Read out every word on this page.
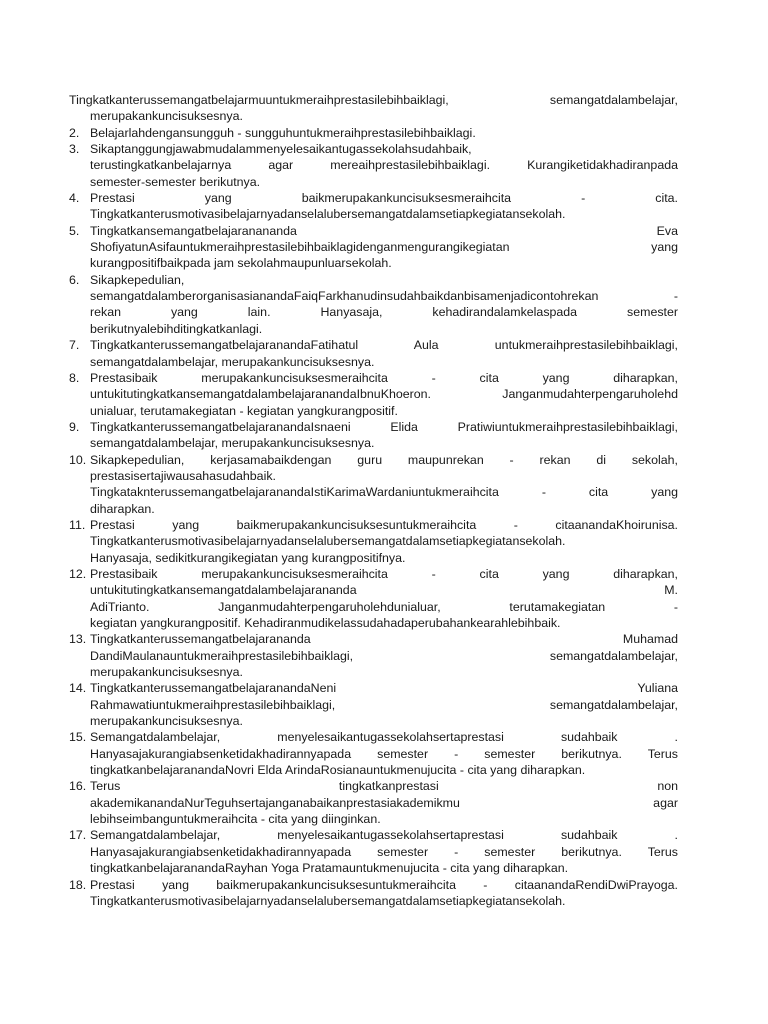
Tingkatkanterussemangatbelajarmuuntukmeraihprestasilebihbaiklagi, semangatdalambelajar,
merupakankuncisuksesnya.
2. Belajarlahdengansungguh - sungguhuntukmeraihprestasilebihbaiklagi.
3. Sikaptanggungjawabmudalammenyelesaikantugassekolahsudahbaik,
terustingkatkanbelajarnya agar mereaihprestasilebihbaiklagi. Kurangiketidakhadiranpada
semester-semester berikutnya.
4. Prestasi yang baikmerupakankuncisuksesmeraihcita - cita.
Tingkatkanterusmotivasibelajarnyadanselalubersemangatdalamsetiapkegiatansekolah.
5. Tingkatkansemangatbelajaranananda Eva
ShofiyatunAsifauntukmeraihprestasilebihbaiklagidenganmengurangikegiatan yang
kurangpositifbaikpada jam sekolahmaupunluarsekolah.
6. Sikapkepedulian,
semangatdalamberorganisasianandaFaiqFarkhanudinsudahbaikdanbisamenjadicontohrekan -
rekan yang lain. Hanyasaja, kehadirandalamkelaspada semester
berikutnyalebihditingkatkanlagi.
7. TingkatkanterussemangatbelajaranandaFatihatul Aula untukmeraihprestasilebihbaiklagi,
semangatdalambelajar, merupakankuncisuksesnya.
8. Prestasibaik merupakankuncisuksesmeraihcita - cita yang diharapkan,
untukitutingkatkansemangatdalambelajaranandaIbnuKhoeron. Janganmudahterpengaruholehd
unialuar, terutamakegiatan - kegiatan yangkurangpositif.
9. TingkatkanterussemangatbelajaranandaIsnaeni Elida Pratiwiuntukmeraihprestasilebihbaiklagi,
semangatdalambelajar, merupakankuncisuksesnya.
10. Sikapkepedulian, kerjasamabaikdengan guru maupunrekan - rekan di sekolah,
prestasisertajiwausahasudahbaik.
TingkataknterussemangatbelajaranandaIstiKarimaWardaniuntukmeraihcita - cita yang
diharapkan.
11. Prestasi yang baikmerupakankuncisuksesuntukmeraihcita - citaanandaKhoirunisa.
Tingkatkanterusmotivasibelajarnyadanselalubersemangatdalamsetiapkegiatansekolah.
Hanyasaja, sedikitkurangikegiatan yang kurangpositifnya.
12. Prestasibaik merupakankuncisuksesmeraihcita - cita yang diharapkan,
untukitutingkatkansemangatdalambelajarananda M.
AdiTrianto. Janganmudahterpengaruholehdunialuar, terutamakegiatan -
kegiatan yangkurangpositif. Kehadiranmudikelassudahadaperubahankearahlebihbaik.
13. Tingkatkanterussemangatbelajarananda Muhamad
DandiMaulanauntukmeraihprestasilebihbaiklagi, semangatdalambelajar,
merupakankuncisuksesnya.
14. TingkatkanterussemangatbelajaranandaNeni Yuliana
Rahmawatiuntukmeraihprestasilebihbaiklagi, semangatdalambelajar,
merupakankuncisuksesnya.
15. Semangatdalambelajar, menyelesaikantugassekolahsertaprestasi sudahbaik .
Hanyasajakurangiabsenketidakhadirannyapada semester - semester berikutnya. Terus
tingkatkanbelajaranandaNovri Elda ArindaRosianauntukmenujucita - cita yang diharapkan.
16. Terus tingkatkanprestasi non
akademikanandaNurTeguhsertajanganabaikanprestasiakademikmu agar
lebihseimbanguntukmeraihcita - cita yang diinginkan.
17. Semangatdalambelajar, menyelesaikantugassekolahsertaprestasi sudahbaik .
Hanyasajakurangiabsenketidakhadirannyapada semester - semester berikutnya. Terus
tingkatkanbelajaranandaRayhan Yoga Pratamauntukmenujucita - cita yang diharapkan.
18. Prestasi yang baikmerupakankuncisuksesuntukmeraihcita - citaanandaRendiDwiPrayoga.
Tingkatkanterusmotivasibelajarnyadanselalubersemangatdalamsetiapkegiatansekolah.
